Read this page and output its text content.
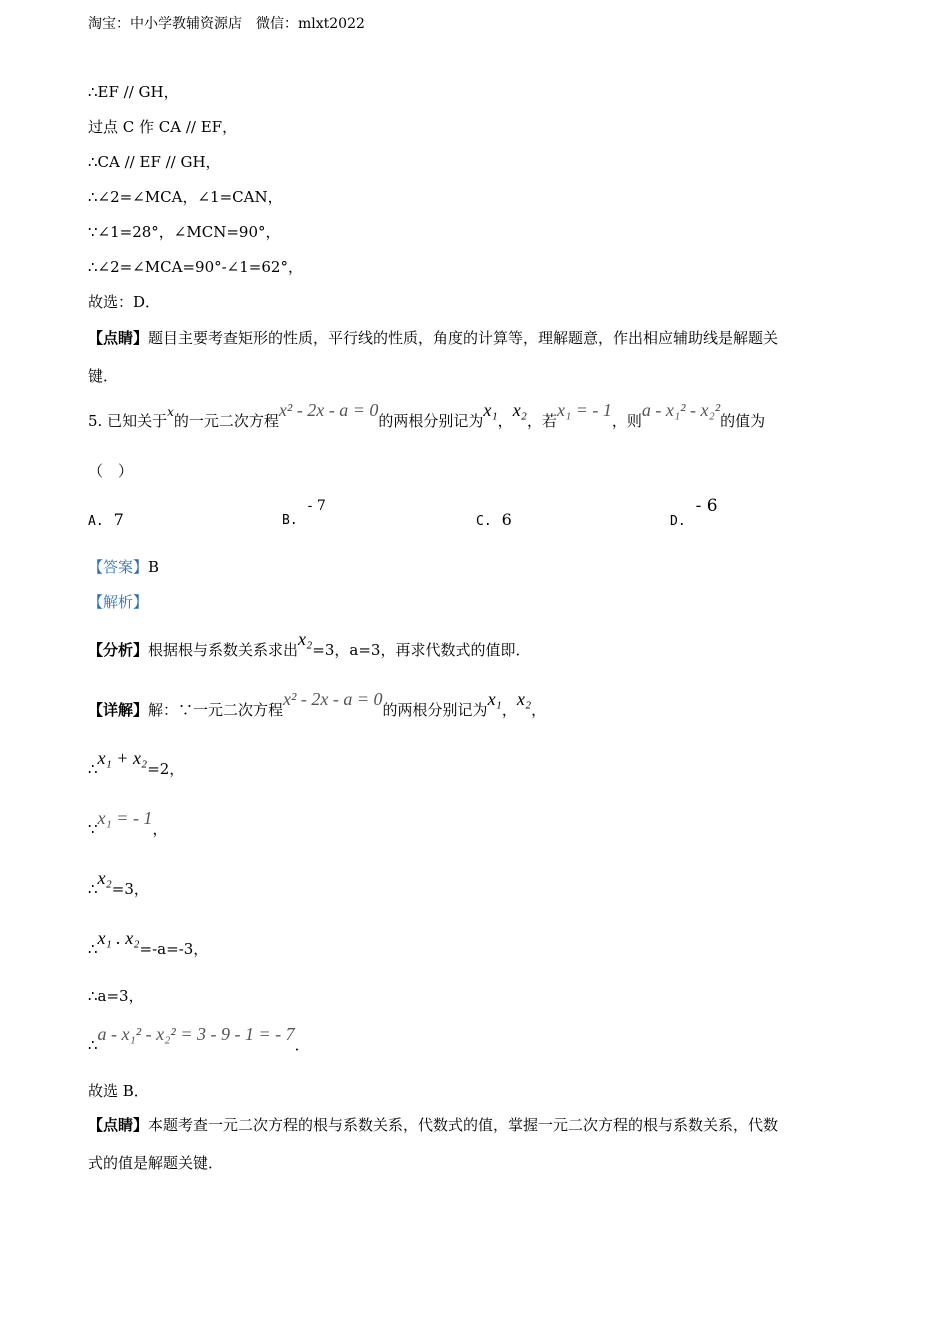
淘宝：中小学教辅资源店　微信：mlxt2022
∴EF // GH，
过点 C 作 CA // EF，
∴CA // EF // GH，
∴∠2=∠MCA，∠1=CAN，
∵∠1=28°，∠MCN=90°，
∴∠2=∠MCA=90°-∠1=62°，
故选：D．
【点睛】题目主要考查矩形的性质，平行线的性质，角度的计算等，理解题意，作出相应辅助线是解题关
键．
5. 已知关于$^x$的一元二次方程x² - 2x - a = 0的两根分别记为x₁，x₂，若x₁ = - 1，则a - x₁² - x₂²的值为
（　）
A. 7	B.- 7
C. 6	D.- 6
【答案】B
【解析】
【分析】根据根与系数关系求出x₂=3，a=3，再求代数式的值即．
【详解】解：∵一元二次方程x² - 2x - a = 0的两根分别记为x₁，x₂，
∴x₁ + x₂=2，
∵x₁ = - 1，
∴x₂=3，
∴x₁ . x₂=-a=-3，
∴a=3，
∴a - x₁² - x₂² = 3 - 9 - 1 = - 7．
故选 B．
【点睛】本题考查一元二次方程的根与系数关系，代数式的值，掌握一元二次方程的根与系数关系，代数
式的值是解题关键．
